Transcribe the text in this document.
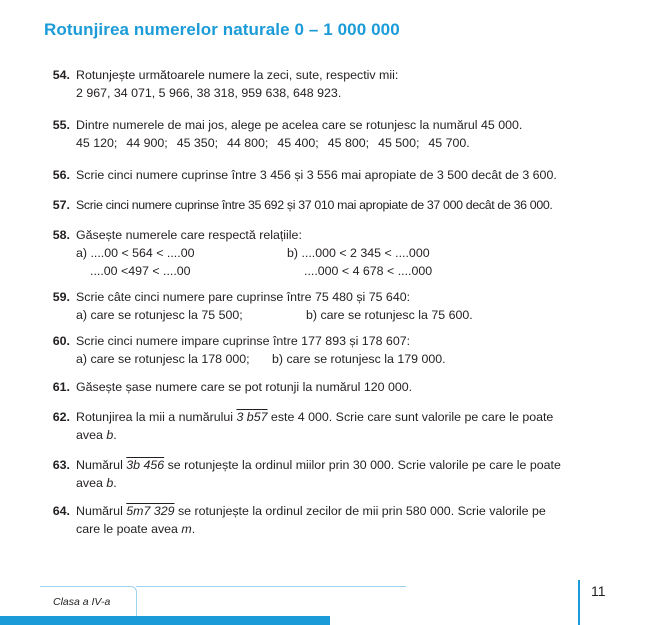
Rotunjirea numerelor naturale 0 – 1 000 000
54. Rotunjește următoarele numere la zeci, sute, respectiv mii:
2 967, 34 071, 5 966, 38 318, 959 638, 648 923.
55. Dintre numerele de mai jos, alege pe acelea care se rotunjesc la numărul 45 000.
45 120; 44 900; 45 350; 44 800; 45 400; 45 800; 45 500; 45 700.
56. Scrie cinci numere cuprinse între 3 456 și 3 556 mai apropiate de 3 500 decât de 3 600.
57. Scrie cinci numere cuprinse între 35 692 și 37 010 mai apropiate de 37 000 decât de 36 000.
58. Găsește numerele care respectă relațiile:
a) ....00 < 564 < ....00	b) ....000 < 2 345 < ....000
....00 <497 < ....00	....000 < 4 678 < ....000
59. Scrie câte cinci numere pare cuprinse între 75 480 și 75 640:
a) care se rotunjesc la 75 500;	b) care se rotunjesc la 75 600.
60. Scrie cinci numere impare cuprinse între 177 893 și 178 607:
a) care se rotunjesc la 178 000; b) care se rotunjesc la 179 000.
61. Găsește șase numere care se pot rotunji la numărul 120 000.
62. Rotunjirea la mii a numărului 3 b57 este 4 000. Scrie care sunt valorile pe care le poate
avea b.
63. Numărul 3b 456 se rotunjește la ordinul miilor prin 30 000. Scrie valorile pe care le poate
avea b.
64. Numărul 5m7 329 se rotunjește la ordinul zecilor de mii prin 580 000. Scrie valorile pe
care le poate avea m.
Clasa a IV-a
11
